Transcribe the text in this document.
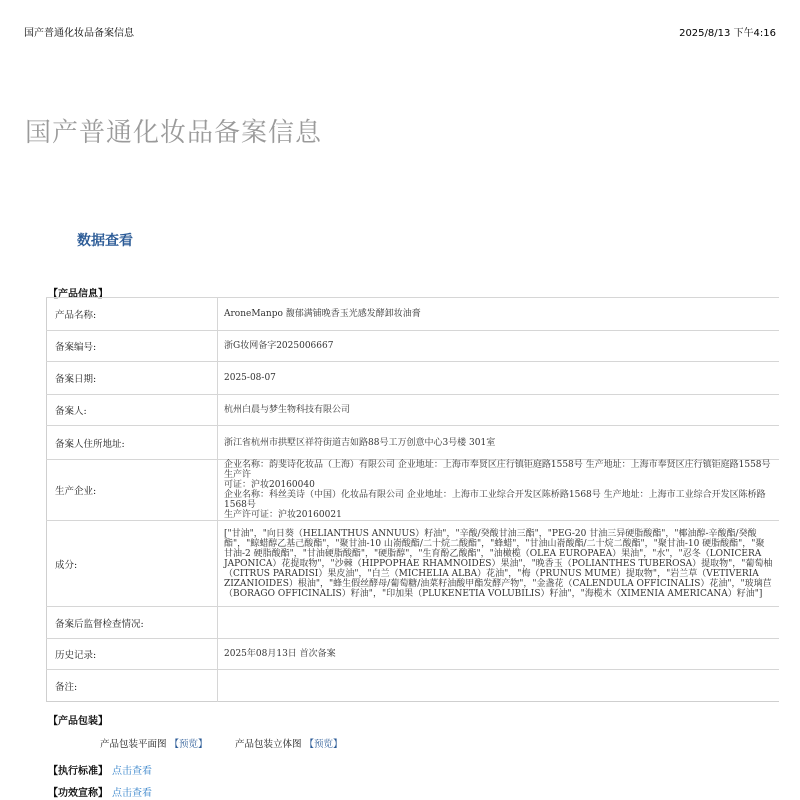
国产普通化妆品备案信息	2025/8/13 下午4:16
国产普通化妆品备案信息
数据查看
【产品信息】
产品名称:	AroneManpo 馥郁满铺晚香玉光感发酵卸妆油膏
备案编号:	浙G妆网备字2025006667
备案日期:	2025-08-07
备案人:	杭州白晨与梦生物科技有限公司
备案人住所地址:	浙江省杭州市拱墅区祥符街道吉如路88号工万创意中心3号楼 301室
生产企业:	企业名称：韵斐诗化妆品（上海）有限公司 企业地址：上海市奉贤区庄行镇钜庭路1558号 生产地址：上海市奉贤区庄行镇钜庭路1558号 生产许
可证：沪妆20160040
企业名称：科丝美诗（中国）化妆品有限公司 企业地址：上海市工业综合开发区陈桥路1568号 生产地址：上海市工业综合开发区陈桥路1568号
生产许可证：沪妆20160021

成分:	["甘油"，"向日葵（HELIANTHUS ANNUUS）籽油"，"辛酸/癸酸甘油三酯"，"PEG-20 甘油三异硬脂酸酯"，"椰油醇-辛酸酯/癸酸酯"，"鲸蜡醇乙基己酸酯"，"聚甘油-10 山嵛酸酯/二十烷二酸酯"，"蜂蜡"，"甘油山嵛酸酯/二十烷二酸酯"，"聚甘油-10 硬脂酸酯"，"聚甘油-2 硬脂酸酯"，"甘油硬脂酸酯"，"硬脂醇"，"生育酚乙酸酯"，"油橄榄（OLEA EUROPAEA）果油"，"水"，"忍冬（LONICERA JAPONICA）花提取物"，"沙棘（HIPPOPHAE RHAMNOIDES）果油"，"晚香玉（POLIANTHES TUBEROSA）提取物"，"葡萄柚（CITRUS PARADISI）果皮油"，"白兰（MICHELIA ALBA）花油"，"梅（PRUNUS MUME）提取物"，"岩兰草（VETIVERIA ZIZANIOIDES）根油"，"蜂生假丝酵母/葡萄糖/油菜籽油酸甲酯发酵产物"，"金盏花（CALENDULA OFFICINALIS）花油"，"玻璃苣（BORAGO OFFICINALIS）籽油"，"印加果（PLUKENETIA VOLUBILIS）籽油"，"海榄木（XIMENIA AMERICANA）籽油"]
备案后监督检查情况:	
历史记录:	2025年08月13日 首次备案
备注:	
【产品包装】
产品包装平面图 【预览】	产品包装立体图 【预览】
【执行标准】 点击查看
【功效宣称】 点击查看
